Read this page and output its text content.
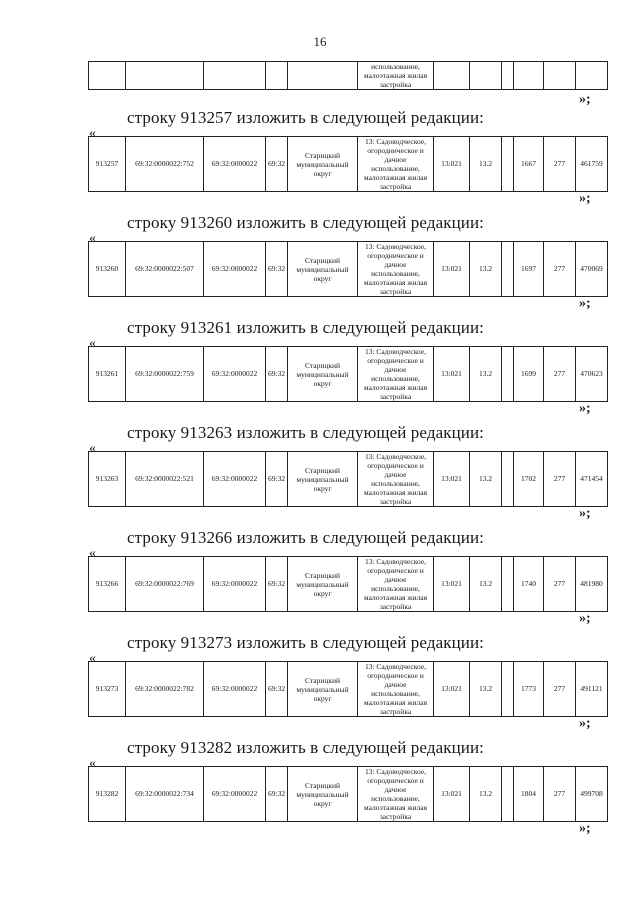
16
					использование, малоэтажная жилая застройка						
»;
строку 913257 изложить в следующей редакции:
«
913257	69:32:0000022:752	69:32:0000022	69:32	Старицкий муниципальный округ	13: Садоводческое, огородническое и дачное использование, малоэтажная жилая застройка	13:021	13.2		1667	277	461759
»;
строку 913260 изложить в следующей редакции:
«
913260	69:32:0000022:507	69:32:0000022	69:32	Старицкий муниципальный округ	13: Садоводческое, огородническое и дачное использование, малоэтажная жилая застройка	13:021	13.2		1697	277	470069
»;
строку 913261 изложить в следующей редакции:
«
913261	69:32:0000022:759	69:32:0000022	69:32	Старицкий муниципальный округ	13: Садоводческое, огородническое и дачное использование, малоэтажная жилая застройка	13:021	13.2		1699	277	470623
»;
строку 913263 изложить в следующей редакции:
«
913263	69:32:0000022:521	69:32:0000022	69:32	Старицкий муниципальный округ	13: Садоводческое, огородническое и дачное использование, малоэтажная жилая застройка	13:021	13.2		1702	277	471454
»;
строку 913266 изложить в следующей редакции:
«
913266	69:32:0000022:769	69:32:0000022	69:32	Старицкий муниципальный округ	13: Садоводческое, огородническое и дачное использование, малоэтажная жилая застройка	13:021	13.2		1740	277	481980
»;
строку 913273 изложить в следующей редакции:
«
913273	69:32:0000022:782	69:32:0000022	69:32	Старицкий муниципальный округ	13: Садоводческое, огородническое и дачное использование, малоэтажная жилая застройка	13:021	13.2		1773	277	491121
»;
строку 913282 изложить в следующей редакции:
«
913282	69:32:0000022:734	69:32:0000022	69:32	Старицкий муниципальный округ	13: Садоводческое, огородническое и дачное использование, малоэтажная жилая застройка	13:021	13.2		1804	277	499708
»;
